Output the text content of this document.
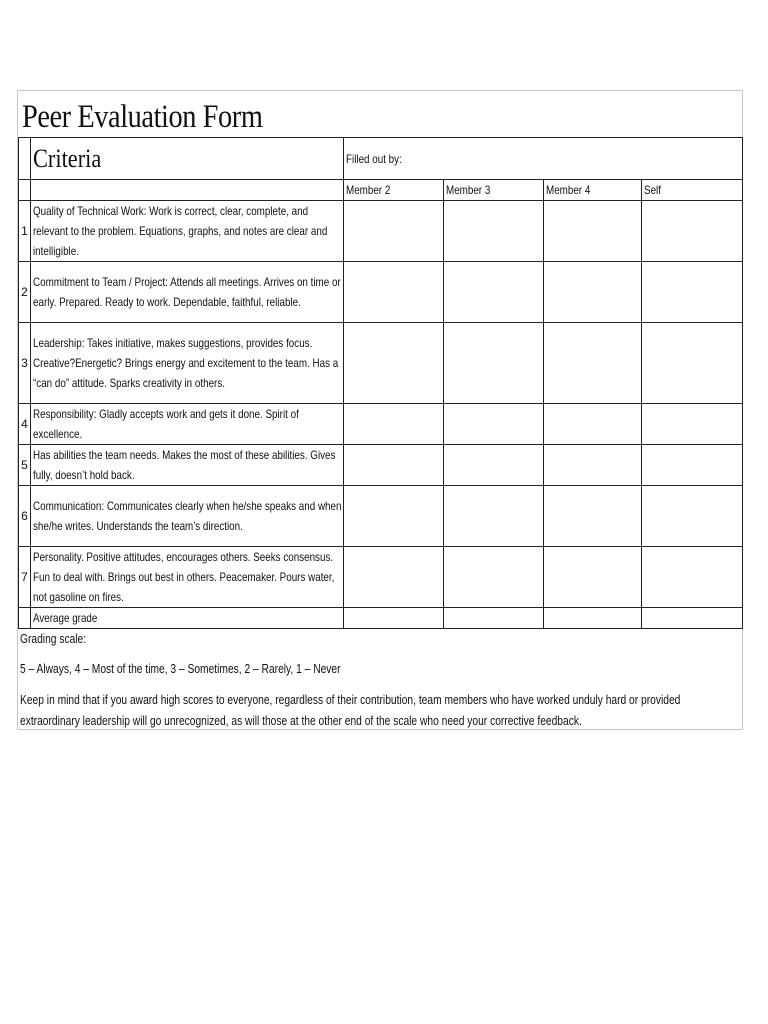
Peer Evaluation Form
	Criteria	Filled out by:			
		Member 2	Member 3	Member 4	Self
1	Quality of Technical Work: Work is correct, clear, complete, and relevant to the problem. Equations, graphs, and notes are clear and intelligible.				
2	Commitment to Team / Project: Attends all meetings. Arrives on time or early. Prepared. Ready to work. Dependable, faithful, reliable.				
3	Leadership: Takes initiative, makes suggestions, provides focus. Creative?Energetic? Brings energy and excitement to the team. Has a “can do” attitude. Sparks creativity in others.				
4	Responsibility: Gladly accepts work and gets it done. Spirit of excellence.				
5	Has abilities the team needs. Makes the most of these abilities. Gives fully, doesn’t hold back.				
6	Communication: Communicates clearly when he/she speaks and when she/he writes. Understands the team’s direction.				
7	Personality. Positive attitudes, encourages others. Seeks consensus. Fun to deal with. Brings out best in others. Peacemaker. Pours water, not gasoline on fires.				
	Average grade				

Grading scale:

5 – Always, 4 – Most of the time, 3 – Sometimes, 2 – Rarely, 1 – Never

Keep in mind that if you award high scores to everyone, regardless of their contribution, team members who have worked unduly hard or provided extraordinary leadership will go unrecognized, as will those at the other end of the scale who need your corrective feedback.
